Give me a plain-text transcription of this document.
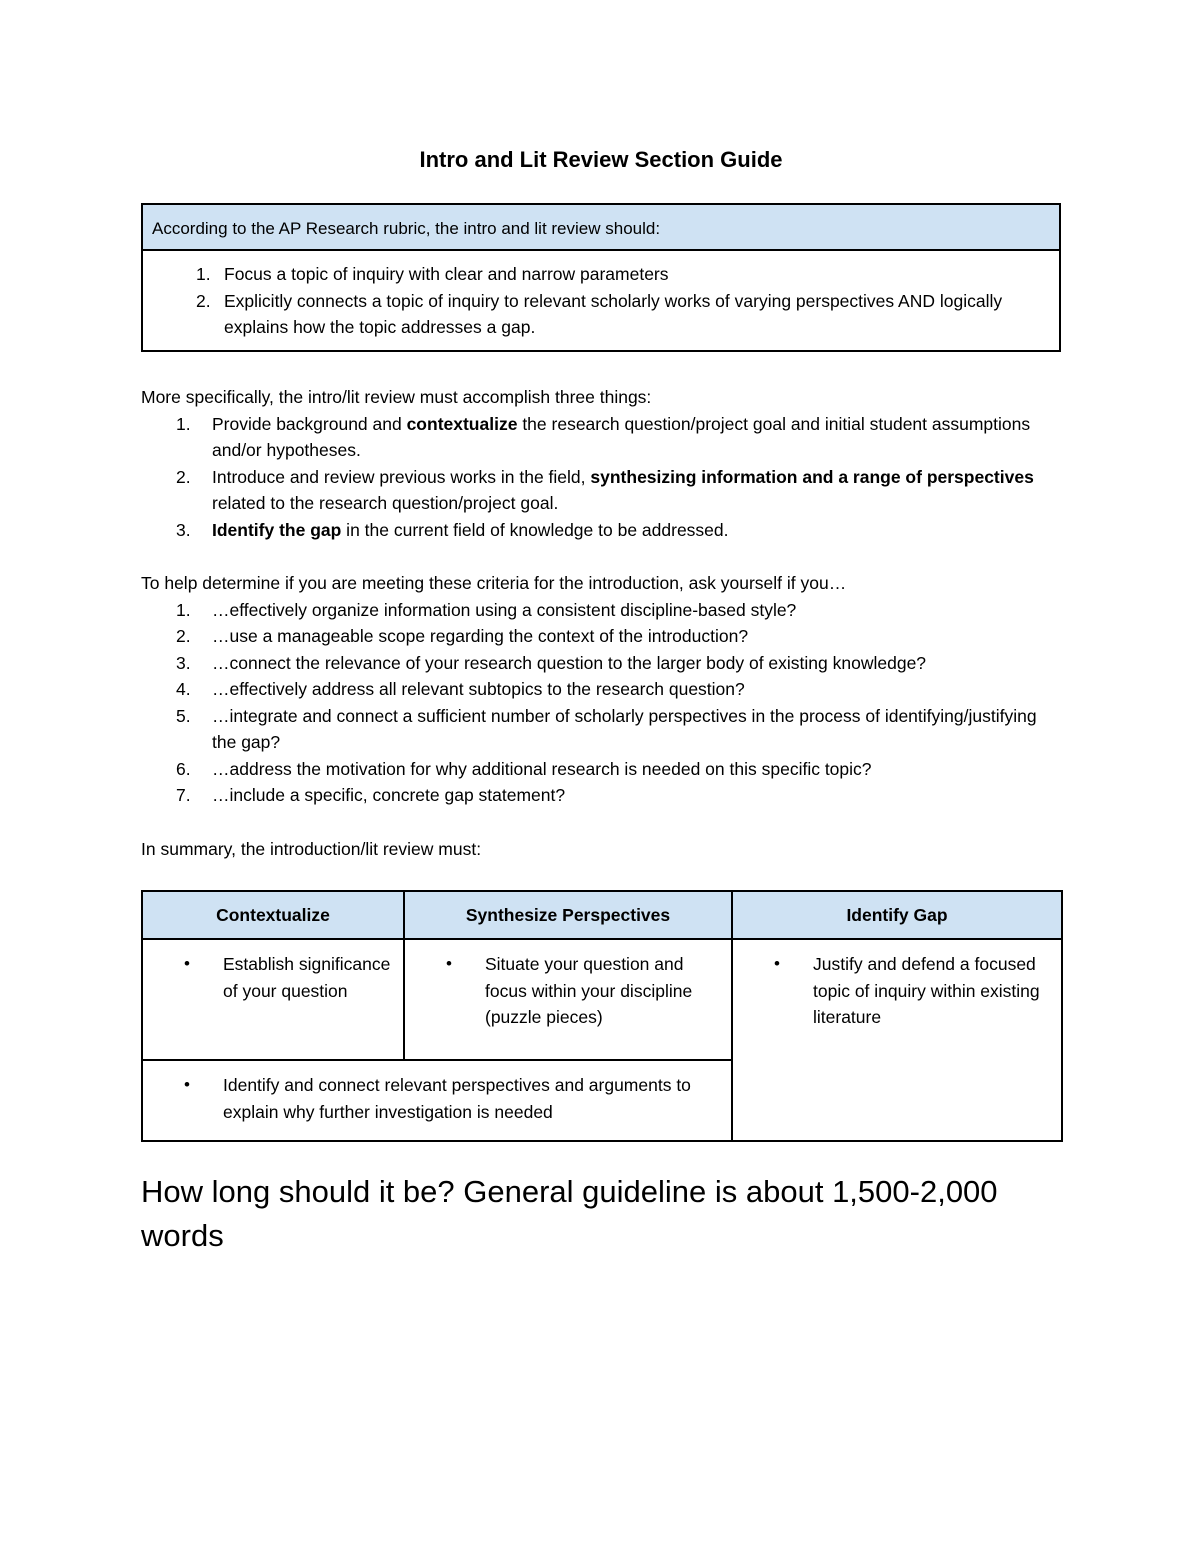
Intro and Lit Review Section Guide
According to the AP Research rubric, the intro and lit review should:
1. Focus a topic of inquiry with clear and narrow parameters
2. Explicitly connects a topic of inquiry to relevant scholarly works of varying perspectives AND logically explains how the topic addresses a gap.

More specifically, the intro/lit review must accomplish three things:

1. Provide background and contextualize the research question/project goal and initial student assumptions and/or hypotheses.
2. Introduce and review previous works in the field, synthesizing information and a range of perspectives related to the research question/project goal.
3. Identify the gap in the current field of knowledge to be addressed.

To help determine if you are meeting these criteria for the introduction, ask yourself if you…

1. …effectively organize information using a consistent discipline-based style?
2. …use a manageable scope regarding the context of the introduction?
3. …connect the relevance of your research question to the larger body of existing knowledge?
4. …effectively address all relevant subtopics to the research question?
5. …integrate and connect a sufficient number of scholarly perspectives in the process of identifying/justifying the gap?
6. …address the motivation for why additional research is needed on this specific topic?
7. …include a specific, concrete gap statement?

In summary, the introduction/lit review must:

Contextualize	Synthesize Perspectives	Identify Gap

• Establish significance of your question	• Situate your question and focus within your discipline (puzzle pieces)	• Justify and defend a focused topic of inquiry within existing literature

• Identify and connect relevant perspectives and arguments to explain why further investigation is needed		

How long should it be? General guideline is about 1,500-2,000 words
